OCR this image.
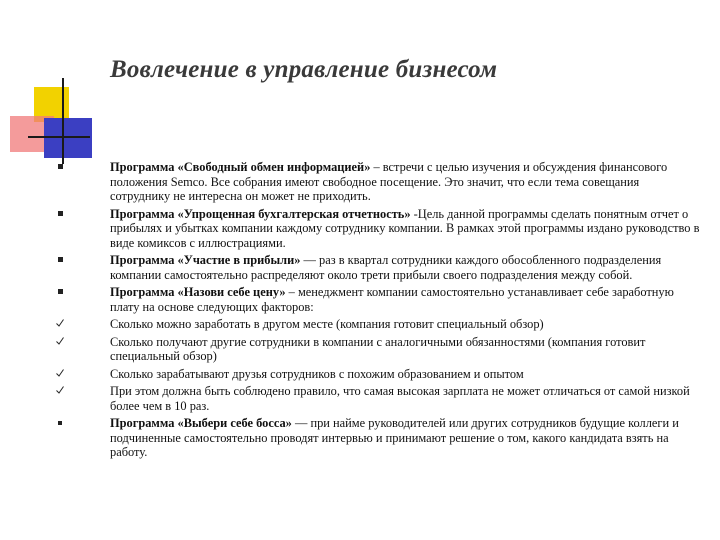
Вовлечение в управление бизнесом
Программа «Свободный обмен информацией» – встречи с целью изучения и обсуждения финансового положения Semco. Все собрания имеют свободное посещение. Это значит, что если тема совещания сотруднику не интересна он может не приходить.
Программа «Упрощенная бухгалтерская отчетность» -Цель данной программы сделать понятным отчет о прибылях и убытках компании каждому сотруднику компании. В рамках этой программы издано руководство в виде комиксов с иллюстрациями.
Программа «Участие в прибыли» — раз в квартал сотрудники каждого обособленного подразделения компании самостоятельно распределяют около трети прибыли своего подразделения между собой.
Программа «Назови себе цену» – менеджмент компании самостоятельно устанавливает себе заработную плату на основе следующих факторов:
Сколько можно заработать в другом месте (компания готовит специальный обзор)
Сколько получают другие сотрудники в компании с аналогичными обязанностями (компания готовит специальный обзор)
Сколько зарабатывают друзья сотрудников с похожим образованием и опытом
При этом должна быть соблюдено правило, что самая высокая зарплата не может отличаться от самой низкой более чем в 10 раз.
Программа «Выбери себе босса» — при найме руководителей или других сотрудников будущие коллеги и подчиненные самостоятельно проводят интервью и принимают решение о том, какого кандидата взять на работу.
